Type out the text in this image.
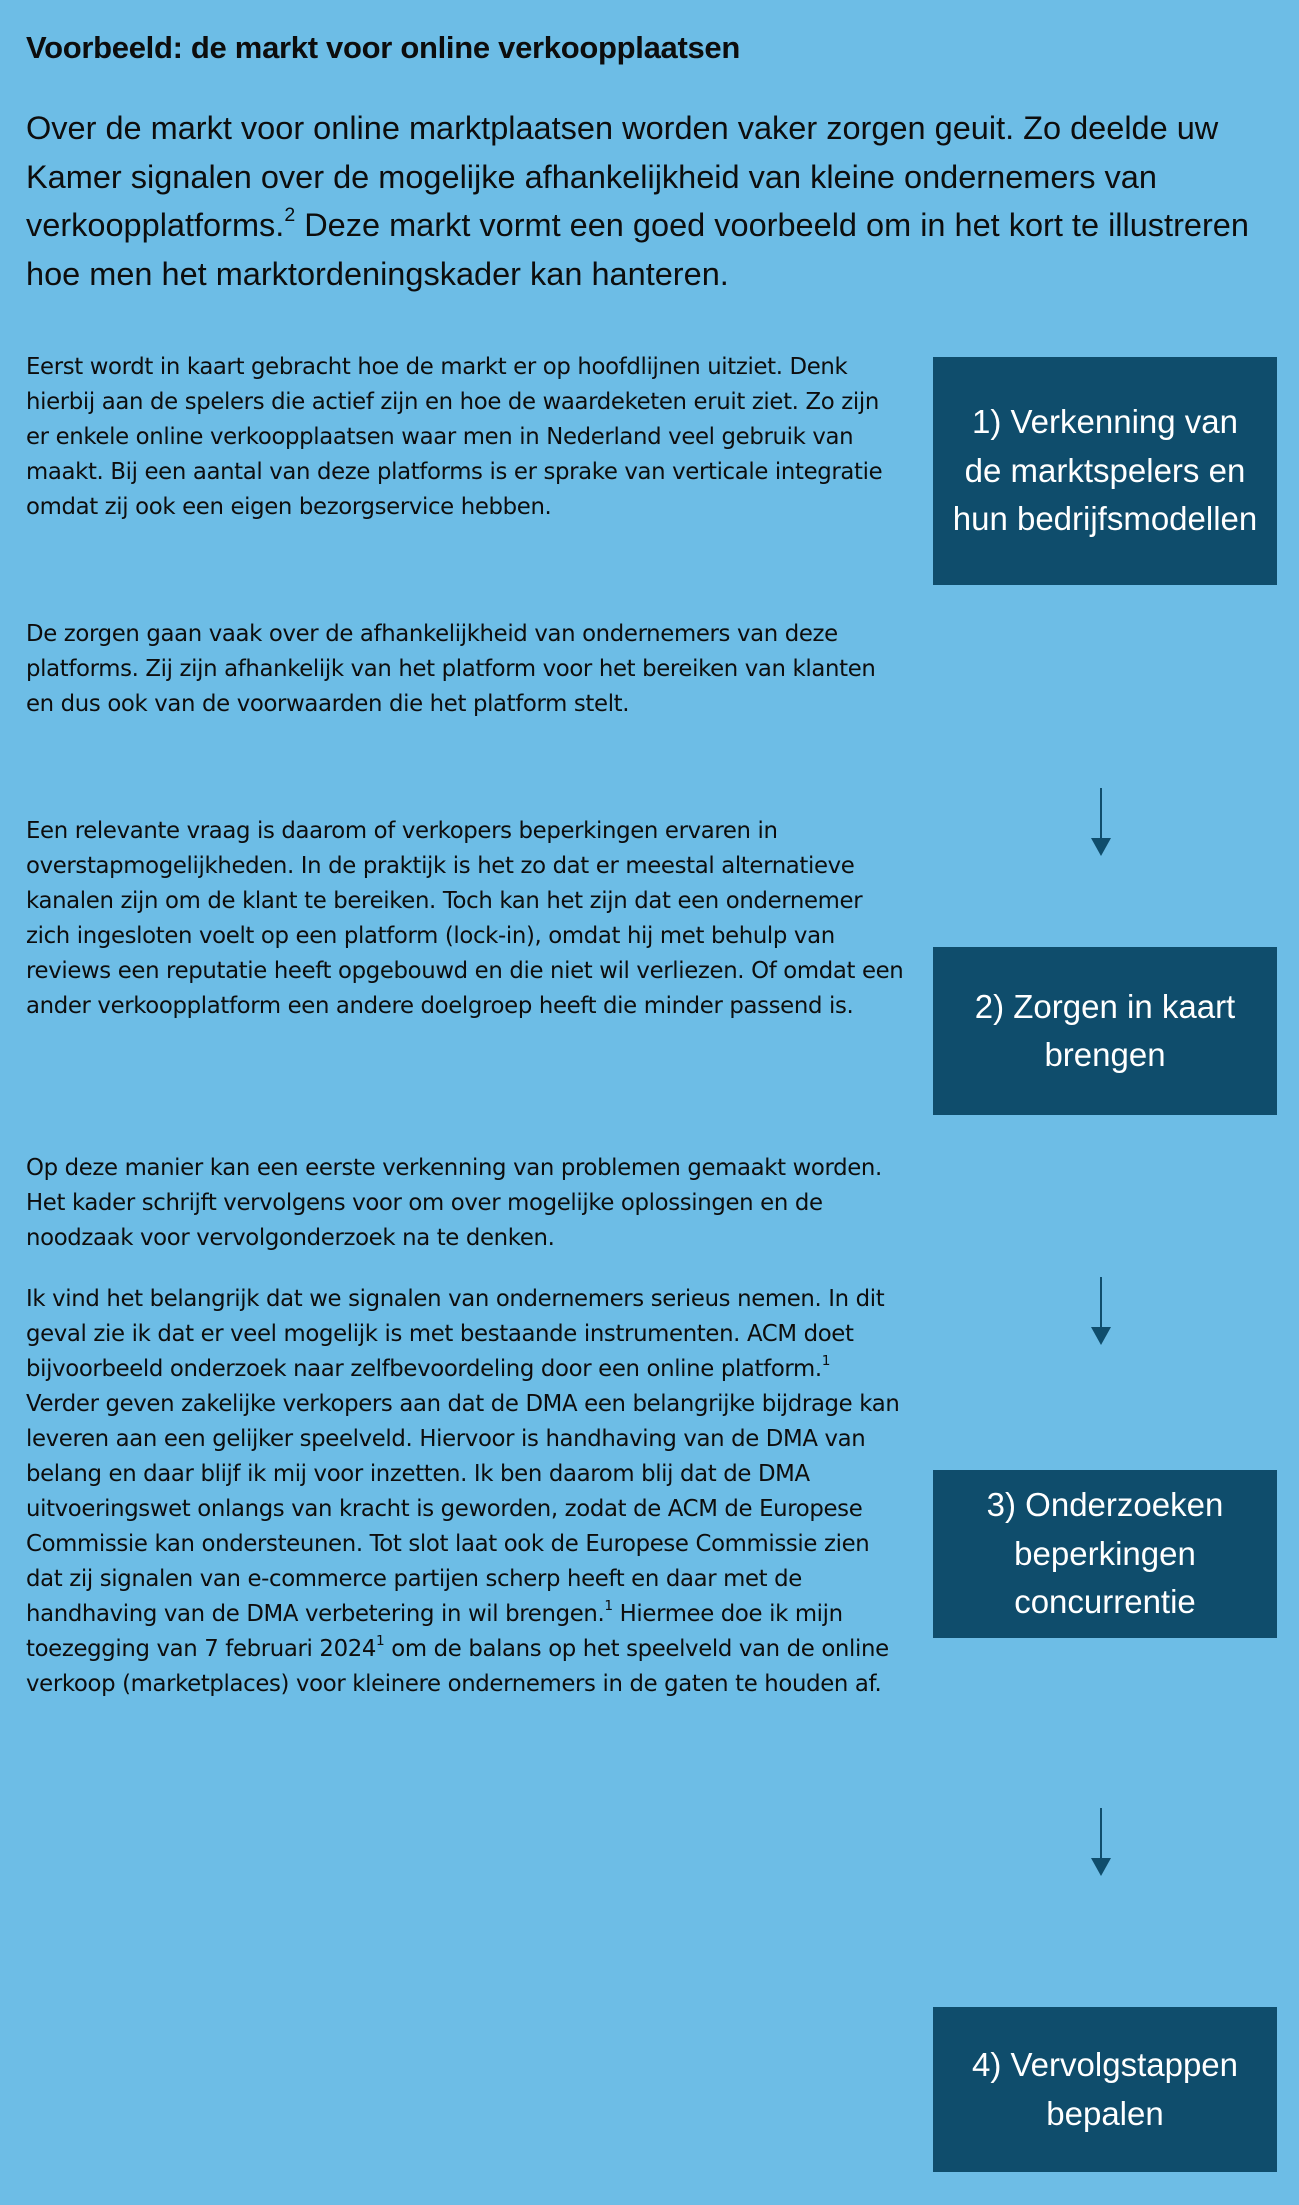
Voorbeeld: de markt voor online verkoopplaatsen
Over de markt voor online marktplaatsen worden vaker zorgen geuit. Zo deelde uw Kamer signalen over de mogelijke afhankelijkheid van kleine ondernemers van verkoopplatforms.$^2$ Deze markt vormt een goed voorbeeld om in het kort te illustreren hoe men het marktordeningskader kan hanteren.
Eerst wordt in kaart gebracht hoe de markt er op hoofdlijnen uitziet. Denk hierbij aan de spelers die actief zijn en hoe de waardeketen eruit ziet. Zo zijn er enkele online verkoopplaatsen waar men in Nederland veel gebruik van maakt. Bij een aantal van deze platforms is er sprake van verticale integratie omdat zij ook een eigen bezorgservice hebben.
De zorgen gaan vaak over de afhankelijkheid van ondernemers van deze platforms. Zij zijn afhankelijk van het platform voor het bereiken van klanten en dus ook van de voorwaarden die het platform stelt.
Een relevante vraag is daarom of verkopers beperkingen ervaren in overstapmogelijkheden. In de praktijk is het zo dat er meestal alternatieve kanalen zijn om de klant te bereiken. Toch kan het zijn dat een ondernemer zich ingesloten voelt op een platform (lock-in), omdat hij met behulp van reviews een reputatie heeft opgebouwd en die niet wil verliezen. Of omdat een ander verkoopplatform een andere doelgroep heeft die minder passend is.
Op deze manier kan een eerste verkenning van problemen gemaakt worden. Het kader schrijft vervolgens voor om over mogelijke oplossingen en de noodzaak voor vervolgonderzoek na te denken.
Ik vind het belangrijk dat we signalen van ondernemers serieus nemen. In dit geval zie ik dat er veel mogelijk is met bestaande instrumenten. ACM doet bijvoorbeeld onderzoek naar zelfbevoordeling door een online platform.$^1$ Verder geven zakelijke verkopers aan dat de DMA een belangrijke bijdrage kan leveren aan een gelijker speelveld. Hiervoor is handhaving van de DMA van belang en daar blijf ik mij voor inzetten. Ik ben daarom blij dat de DMA uitvoeringswet onlangs van kracht is geworden, zodat de ACM de Europese Commissie kan ondersteunen. Tot slot laat ook de Europese Commissie zien dat zij signalen van e-commerce partijen scherp heeft en daar met de handhaving van de DMA verbetering in wil brengen.$^1$ Hiermee doe ik mijn toezegging van 7 februari 2024$^1$ om de balans op het speelveld van de online verkoop (marketplaces) voor kleinere ondernemers in de gaten te houden af.
1) Verkenning van de marktspelers en hun bedrijfsmodellen
2) Zorgen in kaart brengen
3) Onderzoeken beperkingen concurrentie
4) Vervolgstappen bepalen
